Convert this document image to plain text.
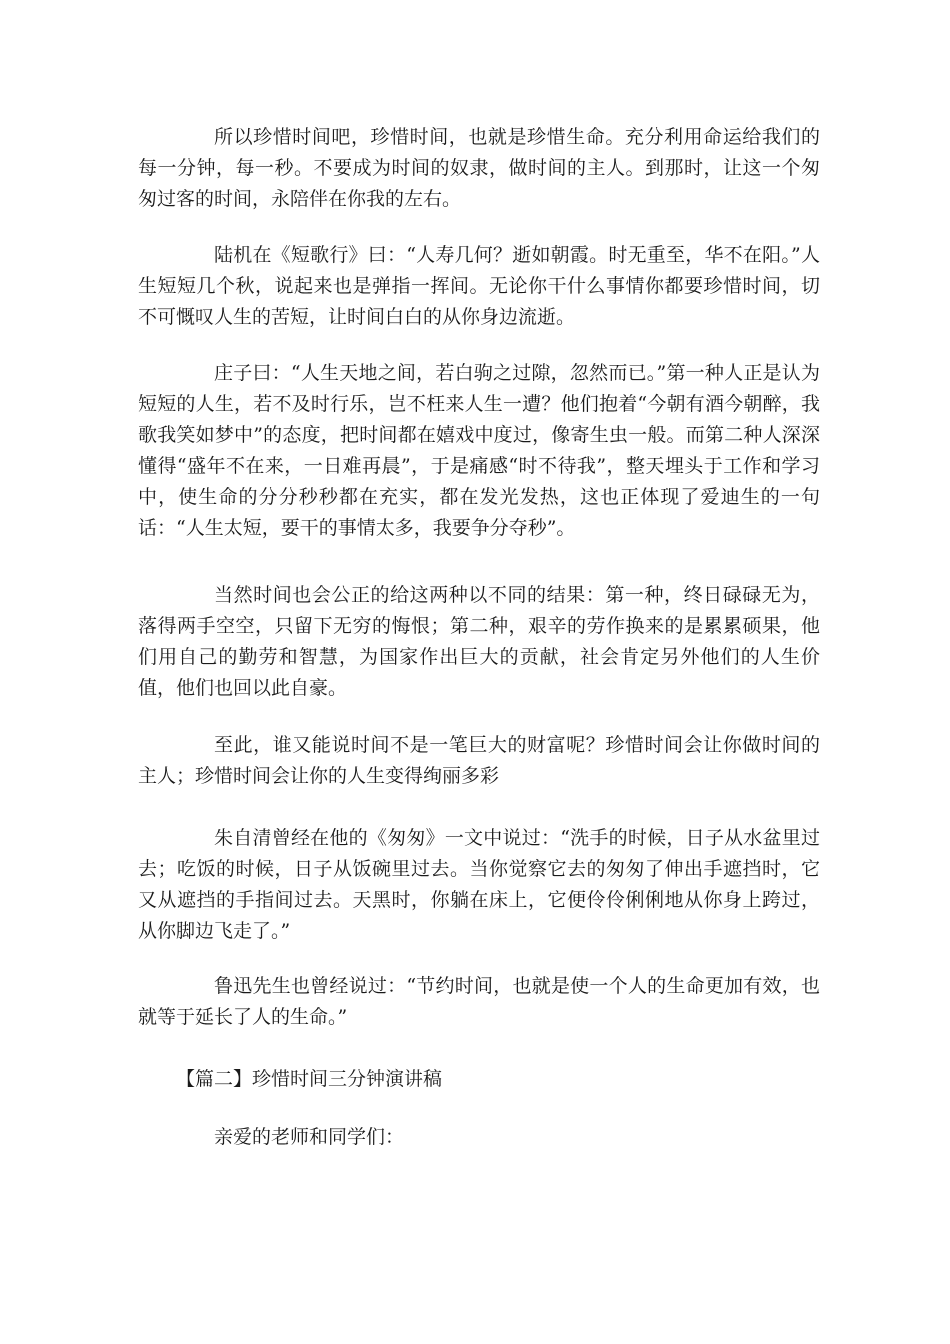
所以珍惜时间吧，珍惜时间，也就是珍惜生命。充分利用命运给我们的每一分钟，每一秒。不要成为时间的奴隶，做时间的主人。到那时，让这一个匆匆过客的时间，永陪伴在你我的左右。

陆机在《短歌行》曰：“人寿几何？逝如朝霞。时无重至，华不在阳。”人生短短几个秋，说起来也是弹指一挥间。无论你干什么事情你都要珍惜时间，切不可慨叹人生的苦短，让时间白白的从你身边流逝。

庄子曰：“人生天地之间，若白驹之过隙，忽然而已。”第一种人正是认为短短的人生，若不及时行乐，岂不枉来人生一遭？他们抱着“今朝有酒今朝醉，我歌我笑如梦中”的态度，把时间都在嬉戏中度过，像寄生虫一般。而第二种人深深懂得“盛年不在来，一日难再晨”，于是痛感“时不待我”，整天埋头于工作和学习中，使生命的分分秒秒都在充实，都在发光发热，这也正体现了爱迪生的一句话：“人生太短，要干的事情太多，我要争分夺秒”。

当然时间也会公正的给这两种以不同的结果：第一种，终日碌碌无为，落得两手空空，只留下无穷的悔恨；第二种，艰辛的劳作换来的是累累硕果，他们用自己的勤劳和智慧，为国家作出巨大的贡献，社会肯定另外他们的人生价值，他们也回以此自豪。

至此，谁又能说时间不是一笔巨大的财富呢？珍惜时间会让你做时间的主人；珍惜时间会让你的人生变得绚丽多彩

朱自清曾经在他的《匆匆》一文中说过：“洗手的时候，日子从水盆里过去；吃饭的时候，日子从饭碗里过去。当你觉察它去的匆匆了伸出手遮挡时，它又从遮挡的手指间过去。天黑时，你躺在床上，它便伶伶俐俐地从你身上跨过，从你脚边飞走了。”

鲁迅先生也曾经说过：“节约时间，也就是使一个人的生命更加有效，也就等于延长了人的生命。”

【篇二】珍惜时间三分钟演讲稿

亲爱的老师和同学们：
